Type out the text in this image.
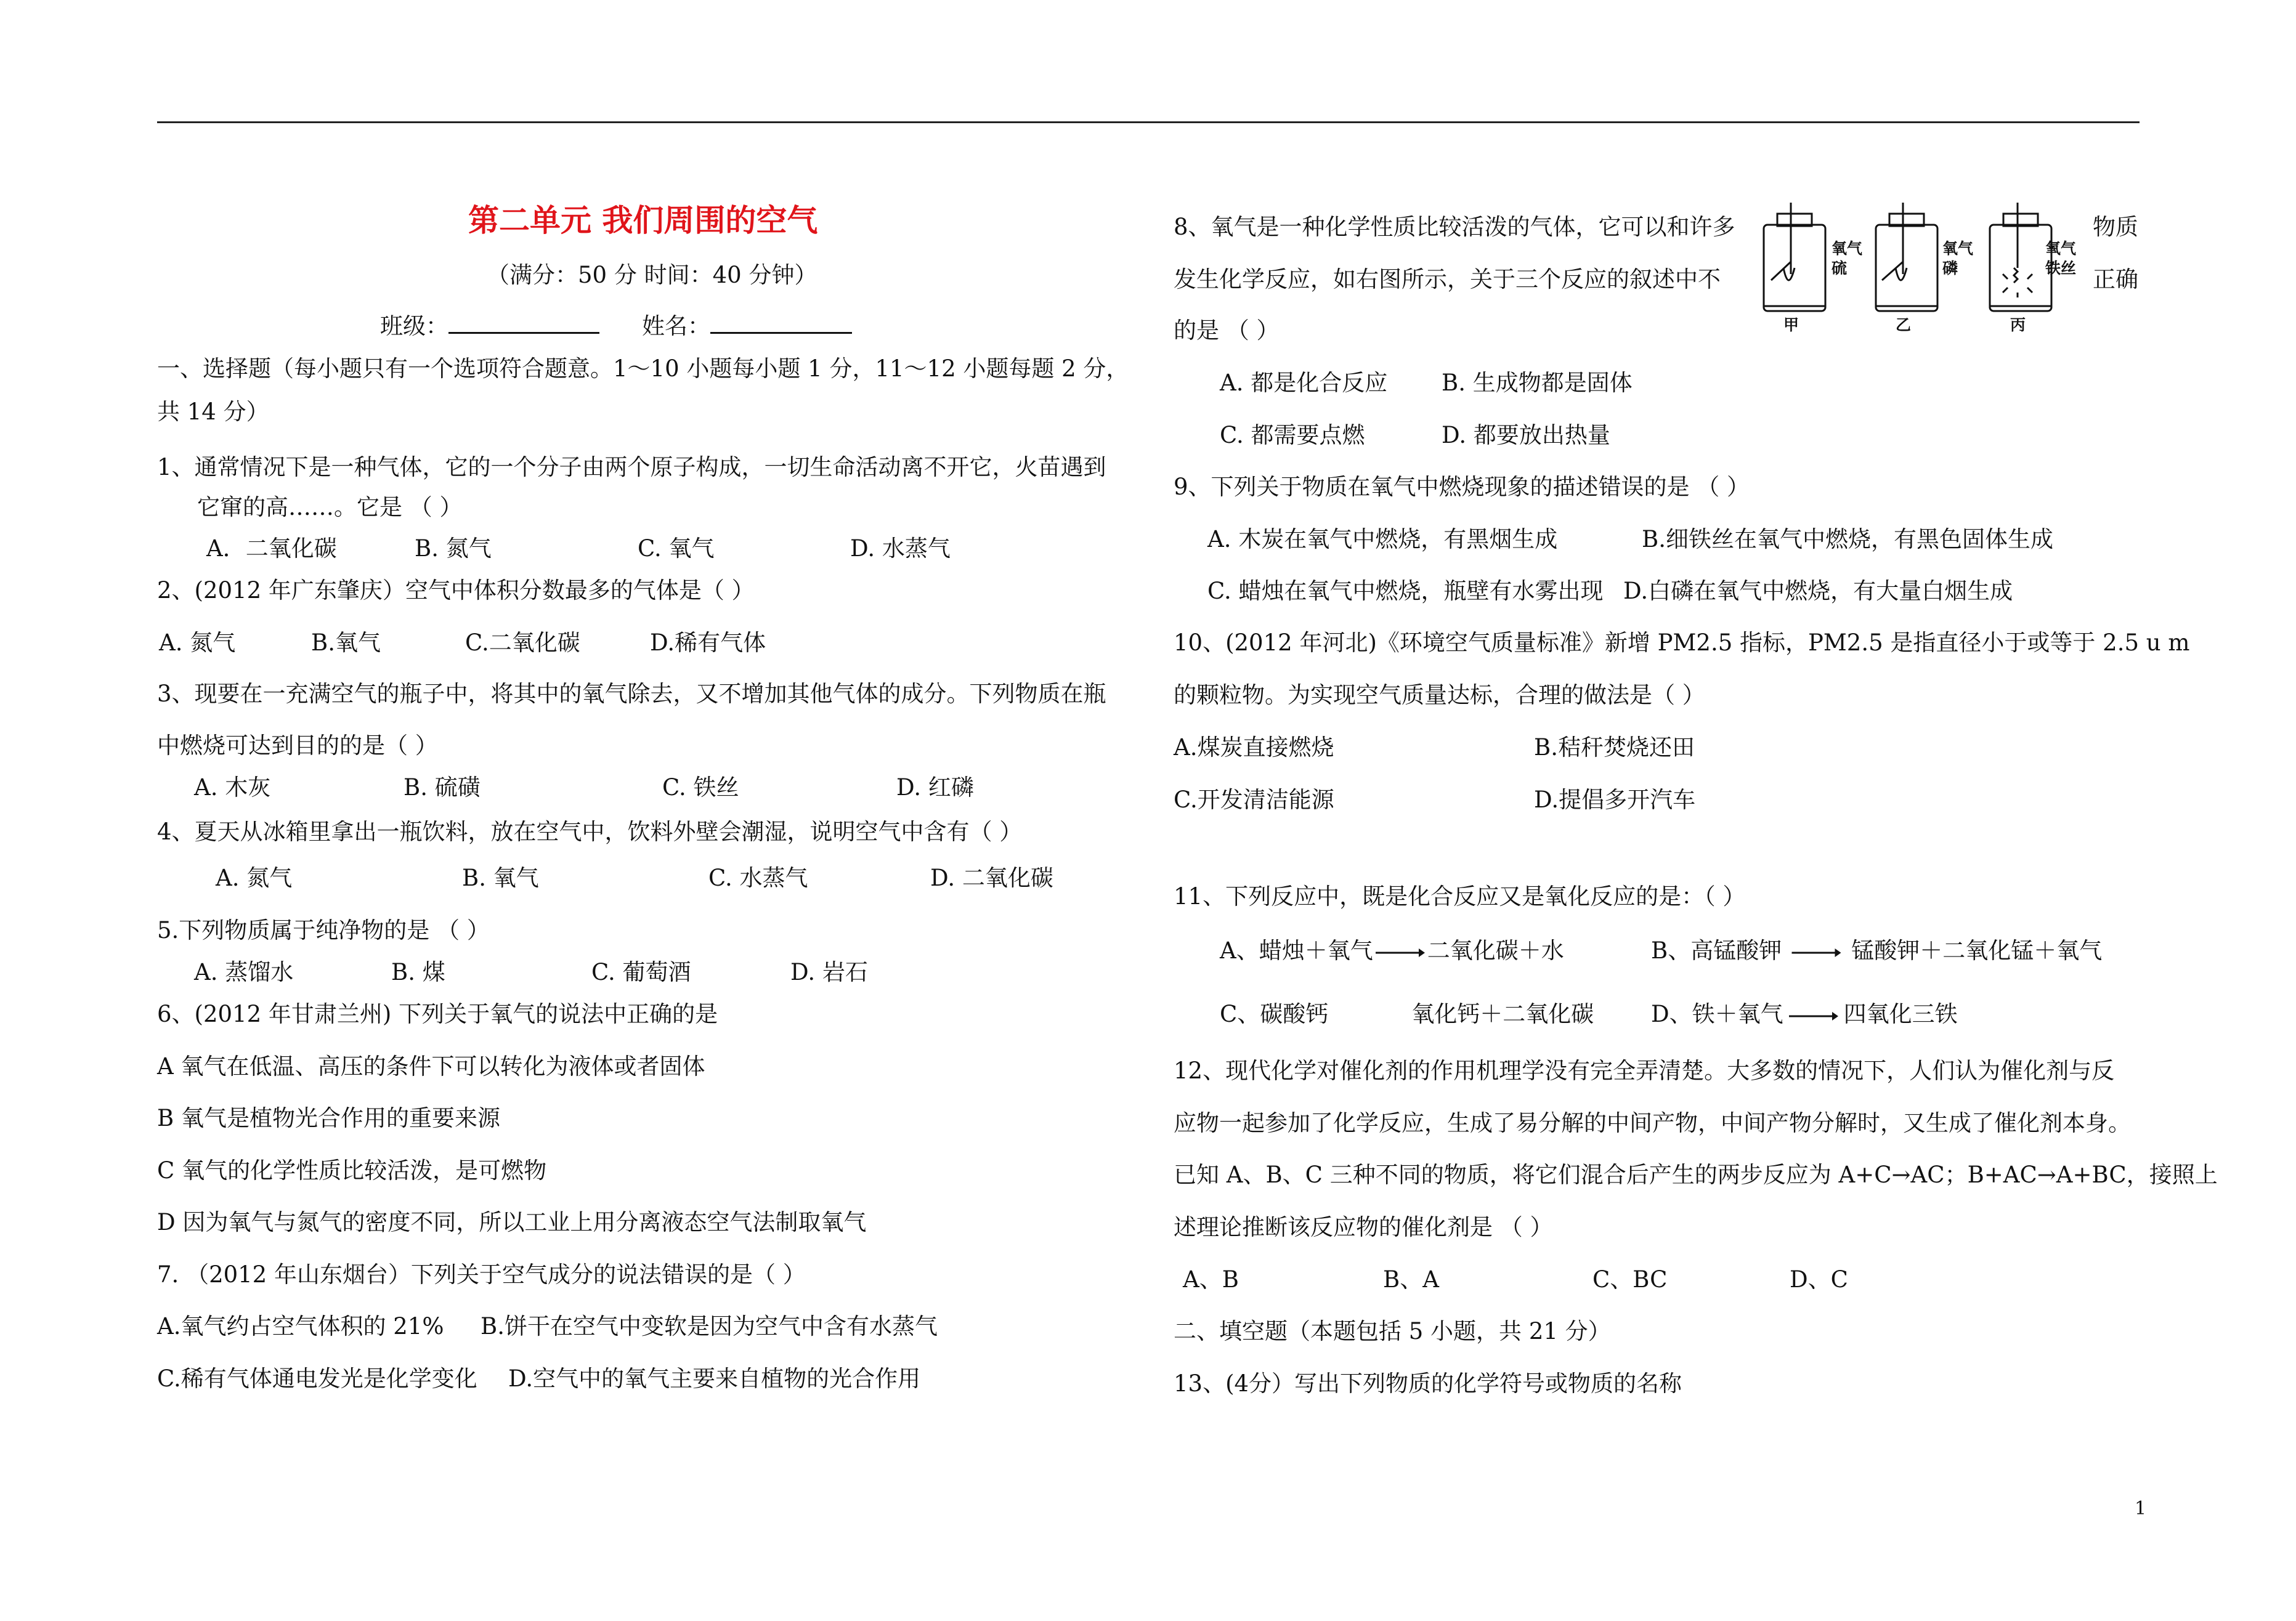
第二单元 我们周围的空气
（满分：50 分 时间：40 分钟）
班级：	姓名：
一、选择题（每小题只有一个选项符合题意。1～10 小题每小题 1 分，11～12 小题每题 2 分，
共 14 分）
1、通常情况下是一种气体，它的一个分子由两个原子构成，一切生命活动离不开它，火苗遇到
它窜的高……。它是 （ ）
A．二氧化碳	B. 氮气	C. 氧气	D. 水蒸气
2、(2012 年广东肇庆）空气中体积分数最多的气体是（ ）
A. 氮气	B.氧气	C.二氧化碳	D.稀有气体
3、现要在一充满空气的瓶子中，将其中的氧气除去，又不增加其他气体的成分。下列物质在瓶
中燃烧可达到目的的是（ ）
A. 木灰	B. 硫磺	C. 铁丝	D. 红磷
4、夏天从冰箱里拿出一瓶饮料，放在空气中，饮料外壁会潮湿，说明空气中含有（ ）
A. 氮气	B. 氧气	C. 水蒸气	D. 二氧化碳
5.下列物质属于纯净物的是 （ ）
A. 蒸馏水	B. 煤	C. 葡萄酒	D. 岩石
6、(2012 年甘肃兰州) 下列关于氧气的说法中正确的是
A 氧气在低温、高压的条件下可以转化为液体或者固体
B 氧气是植物光合作用的重要来源
C 氧气的化学性质比较活泼，是可燃物
D 因为氧气与氮气的密度不同，所以工业上用分离液态空气法制取氧气
7. （2012 年山东烟台）下列关于空气成分的说法错误的是（ ）
A.氧气约占空气体积的 21% B.饼干在空气中变软是因为空气中含有水蒸气
C.稀有气体通电发光是化学变化 D.空气中的氧气主要来自植物的光合作用
8、氧气是一种化学性质比较活泼的气体，它可以和许多	物质
发生化学反应，如右图所示，关于三个反应的叙述中不	正确
的是 （ ）
氧气
硫
甲
氧气
磷
乙
氧气
铁丝
丙
A. 都是化合反应 B. 生成物都是固体
C. 都需要点燃	D. 都要放出热量
9、下列关于物质在氧气中燃烧现象的描述错误的是 （ ）
A. 木炭在氧气中燃烧，有黑烟生成	B.细铁丝在氧气中燃烧，有黑色固体生成
C. 蜡烛在氧气中燃烧，瓶壁有水雾出现 D.白磷在氧气中燃烧，有大量白烟生成
10、(2012 年河北)《环境空气质量标准》新增 PM2.5 指标，PM2.5 是指直径小于或等于 2.5 u m
的颗粒物。为实现空气质量达标，合理的做法是（ ）
A.煤炭直接燃烧	B.秸秆焚烧还田
C.开发清洁能源	D.提倡多开汽车
11、下列反应中，既是化合反应又是氧化反应的是：（ ）
A、蜡烛＋氧气 → 二氧化碳＋水	B、高锰酸钾 → 锰酸钾＋二氧化锰＋氧气
C、碳酸钙	氧化钙＋二氧化碳	D、铁＋氧气 → 四氧化三铁
12、现代化学对催化剂的作用机理学没有完全弄清楚。大多数的情况下，人们认为催化剂与反
应物一起参加了化学反应，生成了易分解的中间产物，中间产物分解时，又生成了催化剂本身。
已知 A、B、C 三种不同的物质，将它们混合后产生的两步反应为 A+C→AC；B+AC→A+BC，接照上
述理论推断该反应物的催化剂是 （ ）
A、B	B、A	C、BC	D、C
二、填空题（本题包括 5 小题，共 21 分）
13、(4分）写出下列物质的化学符号或物质的名称
1
